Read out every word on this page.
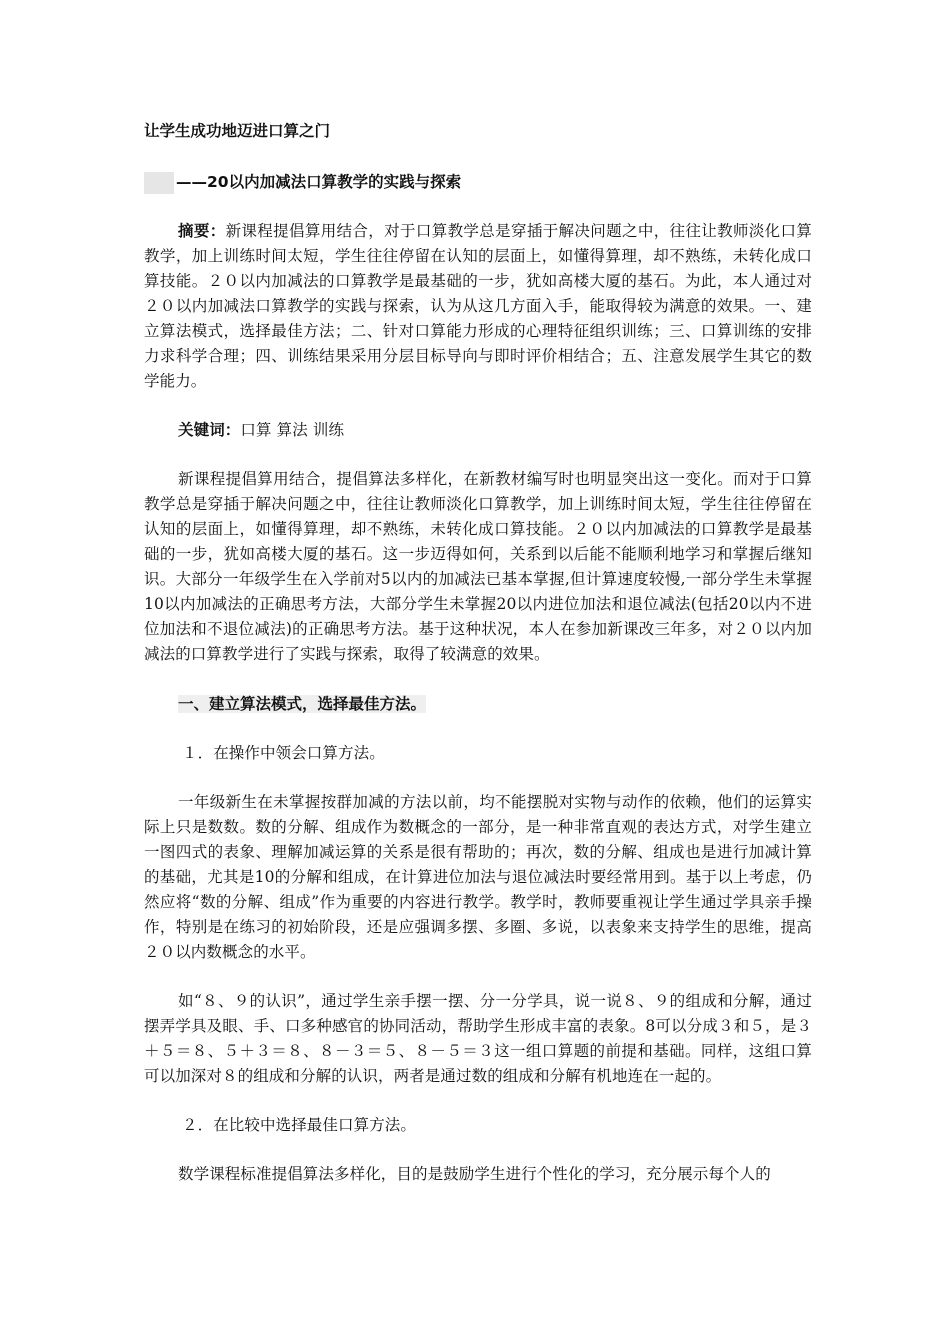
让学生成功地迈进口算之门
——20以内加减法口算教学的实践与探索

摘要：新课程提倡算用结合，对于口算教学总是穿插于解决问题之中，往往让教师淡化口算教学，加上训练时间太短，学生往往停留在认知的层面上，如懂得算理，却不熟练，未转化成口算技能。２０以内加减法的口算教学是最基础的一步，犹如高楼大厦的基石。为此，本人通过对２０以内加减法口算教学的实践与探索，认为从这几方面入手，能取得较为满意的效果。一、建立算法模式，选择最佳方法；二、针对口算能力形成的心理特征组织训练；三、口算训练的安排力求科学合理；四、训练结果采用分层目标导向与即时评价相结合；五、注意发展学生其它的数学能力。

关键词：口算 算法 训练

新课程提倡算用结合，提倡算法多样化，在新教材编写时也明显突出这一变化。而对于口算教学总是穿插于解决问题之中，往往让教师淡化口算教学，加上训练时间太短，学生往往停留在认知的层面上，如懂得算理，却不熟练，未转化成口算技能。２０以内加减法的口算教学是最基础的一步，犹如高楼大厦的基石。这一步迈得如何，关系到以后能不能顺利地学习和掌握后继知识。大部分一年级学生在入学前对5以内的加减法已基本掌握,但计算速度较慢,一部分学生未掌握10以内加减法的正确思考方法，大部分学生未掌握20以内进位加法和退位减法(包括20以内不进位加法和不退位减法)的正确思考方法。基于这种状况，本人在参加新课改三年多，对２０以内加减法的口算教学进行了实践与探索，取得了较满意的效果。

一、建立算法模式，选择最佳方法。

１．在操作中领会口算方法。

一年级新生在未掌握按群加减的方法以前，均不能摆脱对实物与动作的依赖，他们的运算实际上只是数数。数的分解、组成作为数概念的一部分，是一种非常直观的表达方式，对学生建立一图四式的表象、理解加减运算的关系是很有帮助的；再次，数的分解、组成也是进行加减计算的基础，尤其是10的分解和组成，在计算进位加法与退位减法时要经常用到。基于以上考虑，仍然应将“数的分解、组成”作为重要的内容进行教学。教学时，教师要重视让学生通过学具亲手操作，特别是在练习的初始阶段，还是应强调多摆、多圈、多说，以表象来支持学生的思维，提高２０以内数概念的水平。

如“８、９的认识”，通过学生亲手摆一摆、分一分学具，说一说８、９的组成和分解，通过摆弄学具及眼、手、口多种感官的协同活动，帮助学生形成丰富的表象。8可以分成３和５，是３＋５＝８、５＋３＝８、８－３＝５、８－５＝３这一组口算题的前提和基础。同样，这组口算可以加深对８的组成和分解的认识，两者是通过数的组成和分解有机地连在一起的。

２．在比较中选择最佳口算方法。

数学课程标准提倡算法多样化，目的是鼓励学生进行个性化的学习，充分展示每个人的
